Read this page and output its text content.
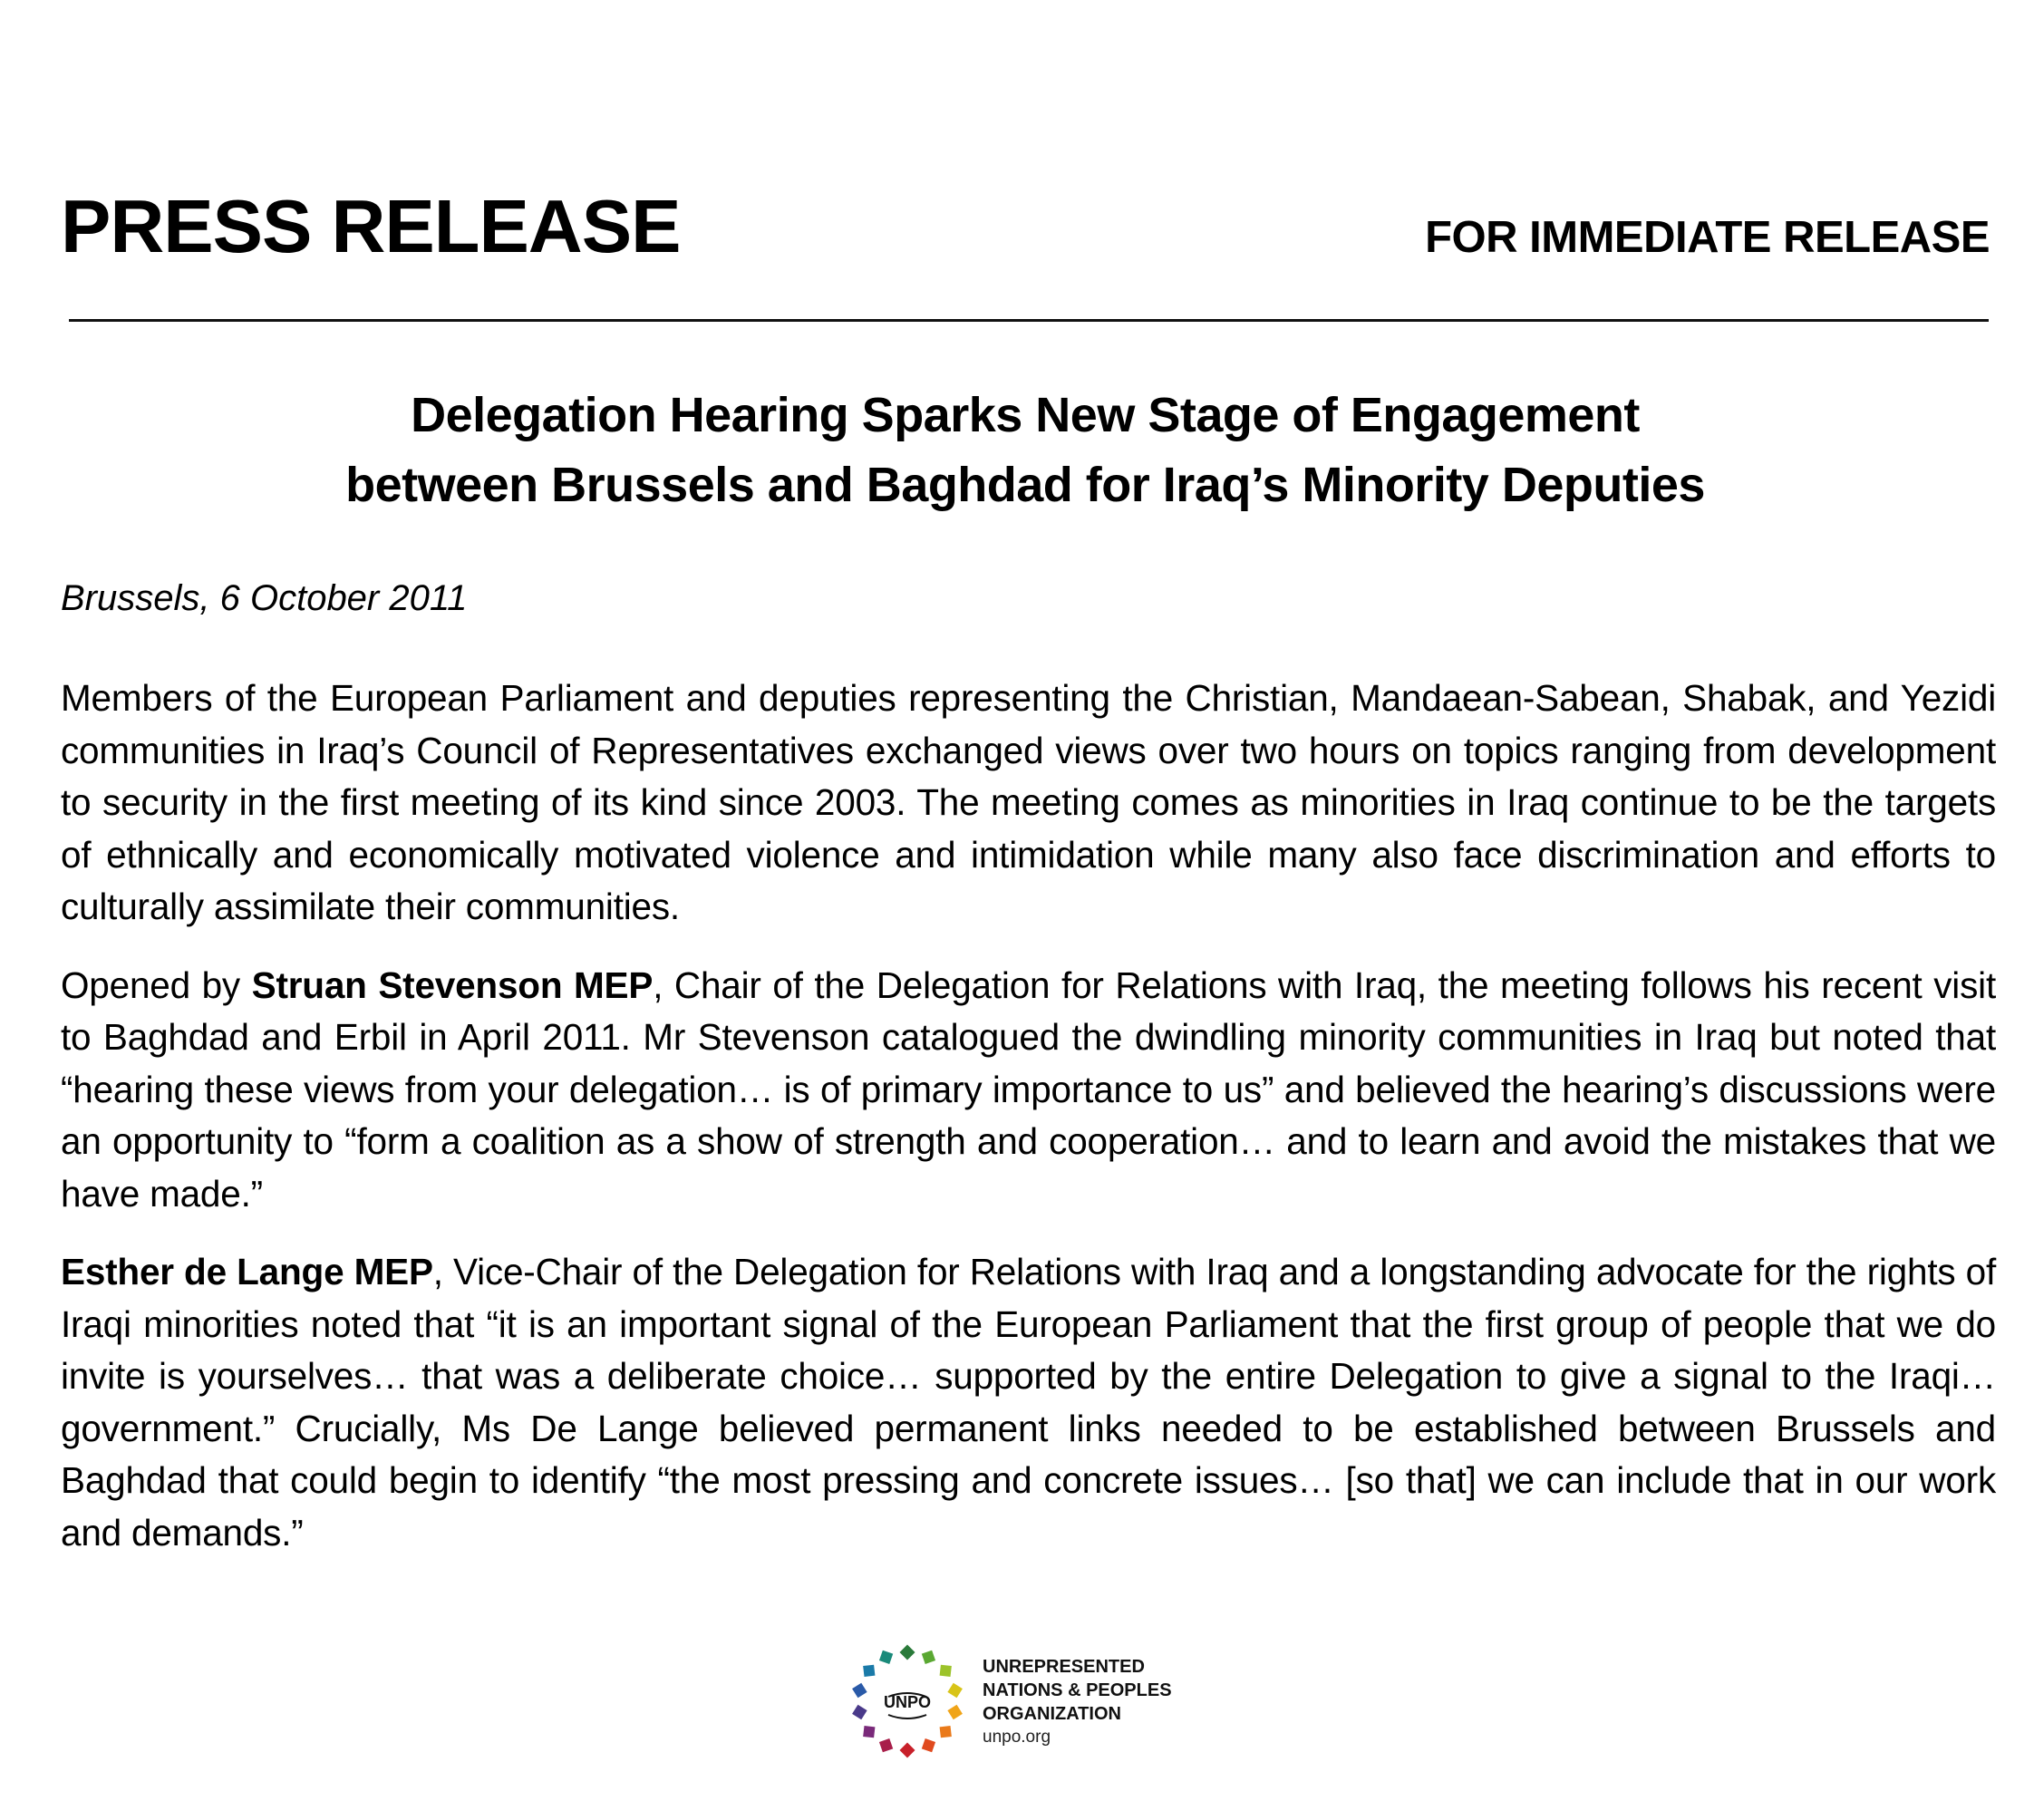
PRESS RELEASE	FOR IMMEDIATE RELEASE
Delegation Hearing Sparks New Stage of Engagement
between Brussels and Baghdad for Iraq’s Minority Deputies
Brussels, 6 October 2011

Members of the European Parliament and deputies representing the Christian, Mandaean-Sabean, Shabak, and Yezidi communities in Iraq’s Council of Representatives exchanged views over two hours on topics ranging from development to security in the first meeting of its kind since 2003. The meeting comes as minorities in Iraq continue to be the targets of ethnically and economically motivated violence and intimidation while many also face discrimination and efforts to culturally assimilate their communities.

Opened by Struan Stevenson MEP, Chair of the Delegation for Relations with Iraq, the meeting follows his recent visit to Baghdad and Erbil in April 2011. Mr Stevenson catalogued the dwindling minority communities in Iraq but noted that “hearing these views from your delegation… is of primary importance to us” and believed the hearing’s discussions were an opportunity to “form a coalition as a show of strength and cooperation… and to learn and avoid the mistakes that we have made.”

Esther de Lange MEP, Vice-Chair of the Delegation for Relations with Iraq and a longstanding advocate for the rights of Iraqi minorities noted that “it is an important signal of the European Parliament that the first group of people that we do invite is yourselves… that was a deliberate choice… supported by the entire Delegation to give a signal to the Iraqi… government.” Crucially, Ms De Lange believed permanent links needed to be established between Brussels and Baghdad that could begin to identify “the most pressing and concrete issues… [so that] we can include that in our work and demands.”

UNPO
UNREPRESENTED
NATIONS & PEOPLES
ORGANIZATION
unpo.org
